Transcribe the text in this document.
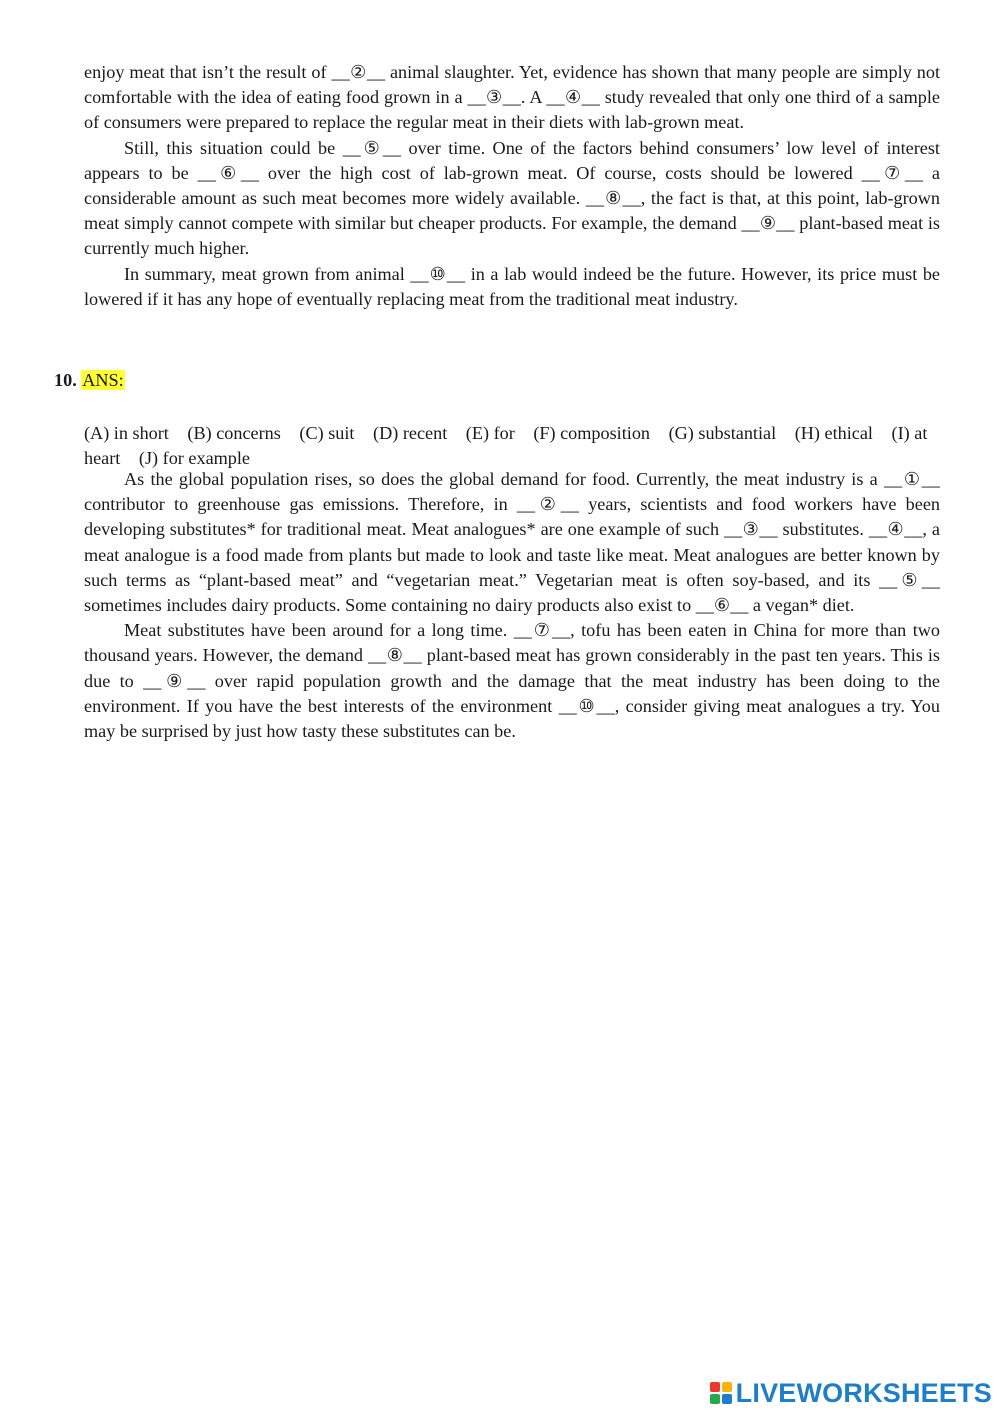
enjoy meat that isn’t the result of __②__ animal slaughter. Yet, evidence has shown that many people are simply not comfortable with the idea of eating food grown in a __③__. A __④__ study revealed that only one third of a sample of consumers were prepared to replace the regular meat in their diets with lab-grown meat.

Still, this situation could be __⑤__ over time. One of the factors behind consumers’ low level of interest appears to be __⑥__ over the high cost of lab-grown meat. Of course, costs should be lowered __⑦__ a considerable amount as such meat becomes more widely available. __⑧__, the fact is that, at this point, lab-grown meat simply cannot compete with similar but cheaper products. For example, the demand __⑨__ plant-based meat is currently much higher.

In summary, meat grown from animal __⑩__ in a lab would indeed be the future. However, its price must be lowered if it has any hope of eventually replacing meat from the traditional meat industry.

10. ANS:
(A) in short (B) concerns (C) suit (D) recent (E) for (F) composition (G) substantial (H) ethical (I) at heart (J) for example

As the global population rises, so does the global demand for food. Currently, the meat industry is a __①__ contributor to greenhouse gas emissions. Therefore, in __②__ years, scientists and food workers have been developing substitutes* for traditional meat. Meat analogues* are one example of such __③__ substitutes. __④__, a meat analogue is a food made from plants but made to look and taste like meat. Meat analogues are better known by such terms as “plant-based meat” and “vegetarian meat.” Vegetarian meat is often soy-based, and its __⑤__ sometimes includes dairy products. Some containing no dairy products also exist to __⑥__ a vegan* diet.

Meat substitutes have been around for a long time. __⑦__, tofu has been eaten in China for more than two thousand years. However, the demand __⑧__ plant-based meat has grown considerably in the past ten years. This is due to __⑨__ over rapid population growth and the damage that the meat industry has been doing to the environment. If you have the best interests of the environment __⑩__, consider giving meat analogues a try. You may be surprised by just how tasty these substitutes can be.

LIVEWORKSHEETS
